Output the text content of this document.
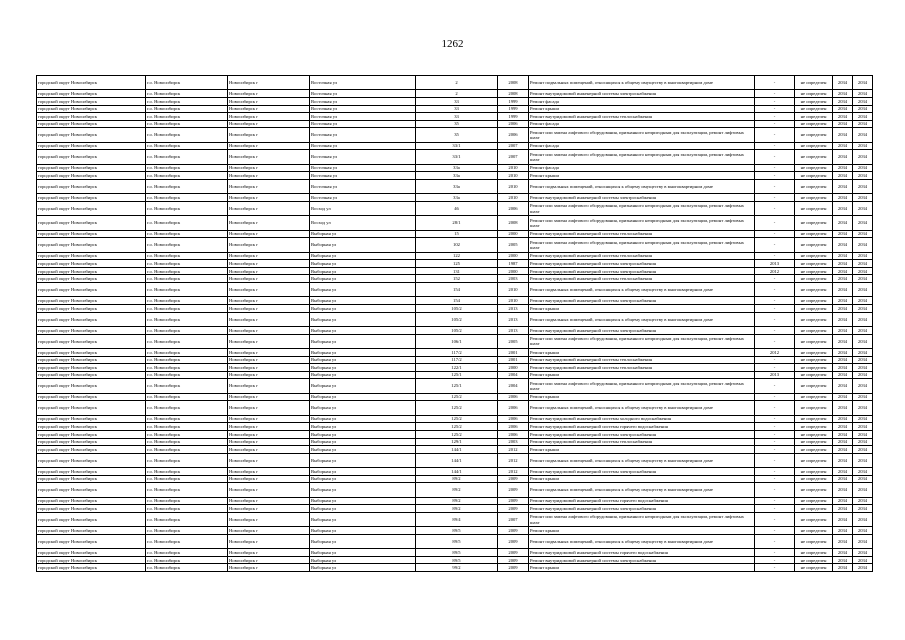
1262
городской округ Новосибирск	г.о. Новосибирск	Новосибирск г	Восточная ул	2	2008	Ремонт подвальных помещений, относящихся к общему имуществу в многоквартирном доме	-	не определен	2034	2034
городской округ Новосибирск	г.о. Новосибирск	Новосибирск г	Восточная ул	2	2008	Ремонт внутридомовой инженерной системы электроснабжения	-	не определен	2034	2034
городской округ Новосибирск	г.о. Новосибирск	Новосибирск г	Восточная ул	33	1999	Ремонт фасада	-	не определен	2034	2034
городской округ Новосибирск	г.о. Новосибирск	Новосибирск г	Восточная ул	33	1999	Ремонт крыши	-	не определен	2034	2034
городской округ Новосибирск	г.о. Новосибирск	Новосибирск г	Восточная ул	33	1999	Ремонт внутридомовой инженерной системы теплоснабжения	-	не определен	2034	2034
городской округ Новосибирск	г.о. Новосибирск	Новосибирск г	Восточная ул	35	2006	Ремонт фасада	-	не определен	2034	2034
городской округ Новосибирск	г.о. Новосибирск	Новосибирск г	Восточная ул	35	2006	Ремонт или замена лифтового оборудования, признанного непригодным для эксплуатации, ремонт лифтовых шахт	-	не определен	2034	2034
городской округ Новосибирск	г.о. Новосибирск	Новосибирск г	Восточная ул	33/1	2007	Ремонт фасада	-	не определен	2034	2034
городской округ Новосибирск	г.о. Новосибирск	Новосибирск г	Восточная ул	33/1	2007	Ремонт или замена лифтового оборудования, признанного непригодным для эксплуатации, ремонт лифтовых шахт	-	не определен	2034	2034
городской округ Новосибирск	г.о. Новосибирск	Новосибирск г	Восточная ул	33а	2010	Ремонт фасада	-	не определен	2034	2034
городской округ Новосибирск	г.о. Новосибирск	Новосибирск г	Восточная ул	33а	2010	Ремонт крыши	-	не определен	2034	2034
городской округ Новосибирск	г.о. Новосибирск	Новосибирск г	Восточная ул	33а	2010	Ремонт подвальных помещений, относящихся к общему имуществу в многоквартирном доме	-	не определен	2034	2034
городской округ Новосибирск	г.о. Новосибирск	Новосибирск г	Восточная ул	33а	2010	Ремонт внутридомовой инженерной системы электроснабжения	-	не определен	2034	2034
городской округ Новосибирск	г.о. Новосибирск	Новосибирск г	Восход ул	46	2006	Ремонт или замена лифтового оборудования, признанного непригодным для эксплуатации, ремонт лифтовых шахт	-	не определен	2034	2034
городской округ Новосибирск	г.о. Новосибирск	Новосибирск г	Восход ул	28/1	2008	Ремонт или замена лифтового оборудования, признанного непригодным для эксплуатации, ремонт лифтовых шахт	-	не определен	2034	2034
городской округ Новосибирск	г.о. Новосибирск	Новосибирск г	Выборная ул	15	2000	Ремонт внутридомовой инженерной системы теплоснабжения	-	не определен	2034	2034
городской округ Новосибирск	г.о. Новосибирск	Новосибирск г	Выборная ул	102	2005	Ремонт или замена лифтового оборудования, признанного непригодным для эксплуатации, ремонт лифтовых шахт	-	не определен	2034	2034
городской округ Новосибирск	г.о. Новосибирск	Новосибирск г	Выборная ул	122	2000	Ремонт внутридомовой инженерной системы теплоснабжения	-	не определен	2034	2034
городской округ Новосибирск	г.о. Новосибирск	Новосибирск г	Выборная ул	125	1987	Ремонт внутридомовой инженерной системы электроснабжения	2013	не определен	2034	2034
городской округ Новосибирск	г.о. Новосибирск	Новосибирск г	Выборная ул	131	2000	Ремонт внутридомовой инженерной системы электроснабжения	2012	не определен	2034	2034
городской округ Новосибирск	г.о. Новосибирск	Новосибирск г	Выборная ул	152	2003	Ремонт внутридомовой инженерной системы теплоснабжения	-	не определен	2034	2034
городской округ Новосибирск	г.о. Новосибирск	Новосибирск г	Выборная ул	154	2010	Ремонт подвальных помещений, относящихся к общему имуществу в многоквартирном доме	-	не определен	2034	2034
городской округ Новосибирск	г.о. Новосибирск	Новосибирск г	Выборная ул	154	2010	Ремонт внутридомовой инженерной системы электроснабжения	-	не определен	2034	2034
городской округ Новосибирск	г.о. Новосибирск	Новосибирск г	Выборная ул	105/2	2013	Ремонт крыши	-	не определен	2034	2034
городской округ Новосибирск	г.о. Новосибирск	Новосибирск г	Выборная ул	105/2	2013	Ремонт подвальных помещений, относящихся к общему имуществу в многоквартирном доме	-	не определен	2034	2034
городской округ Новосибирск	г.о. Новосибирск	Новосибирск г	Выборная ул	105/2	2013	Ремонт внутридомовой инженерной системы электроснабжения	-	не определен	2034	2034
городской округ Новосибирск	г.о. Новосибирск	Новосибирск г	Выборная ул	106/1	2005	Ремонт или замена лифтового оборудования, признанного непригодным для эксплуатации, ремонт лифтовых шахт	-	не определен	2034	2034
городской округ Новосибирск	г.о. Новосибирск	Новосибирск г	Выборная ул	117/2	2001	Ремонт крыши	2012	не определен	2034	2034
городской округ Новосибирск	г.о. Новосибирск	Новосибирск г	Выборная ул	117/2	2001	Ремонт внутридомовой инженерной системы теплоснабжения	-	не определен	2034	2034
городской округ Новосибирск	г.о. Новосибирск	Новосибирск г	Выборная ул	122/1	2000	Ремонт внутридомовой инженерной системы теплоснабжения	-	не определен	2034	2034
городской округ Новосибирск	г.о. Новосибирск	Новосибирск г	Выборная ул	125/1	2004	Ремонт крыши	2013	не определен	2034	2034
городской округ Новосибирск	г.о. Новосибирск	Новосибирск г	Выборная ул	125/1	2004	Ремонт или замена лифтового оборудования, признанного непригодным для эксплуатации, ремонт лифтовых шахт	-	не определен	2034	2034
городской округ Новосибирск	г.о. Новосибирск	Новосибирск г	Выборная ул	125/2	2006	Ремонт крыши	-	не определен	2034	2034
городской округ Новосибирск	г.о. Новосибирск	Новосибирск г	Выборная ул	125/2	2006	Ремонт подвальных помещений, относящихся к общему имуществу в многоквартирном доме	-	не определен	2034	2034
городской округ Новосибирск	г.о. Новосибирск	Новосибирск г	Выборная ул	125/2	2006	Ремонт внутридомовой инженерной системы холодного водоснабжения	-	не определен	2034	2034
городской округ Новосибирск	г.о. Новосибирск	Новосибирск г	Выборная ул	125/2	2006	Ремонт внутридомовой инженерной системы горячего водоснабжения	-	не определен	2034	2034
городской округ Новосибирск	г.о. Новосибирск	Новосибирск г	Выборная ул	125/2	2006	Ремонт внутридомовой инженерной системы электроснабжения	-	не определен	2034	2034
городской округ Новосибирск	г.о. Новосибирск	Новосибирск г	Выборная ул	129/1	2003	Ремонт внутридомовой инженерной системы теплоснабжения	-	не определен	2034	2034
городской округ Новосибирск	г.о. Новосибирск	Новосибирск г	Выборная ул	144/1	2012	Ремонт крыши	-	не определен	2034	2034
городской округ Новосибирск	г.о. Новосибирск	Новосибирск г	Выборная ул	144/1	2012	Ремонт подвальных помещений, относящихся к общему имуществу в многоквартирном доме	-	не определен	2034	2034
городской округ Новосибирск	г.о. Новосибирск	Новосибирск г	Выборная ул	144/1	2012	Ремонт внутридомовой инженерной системы электроснабжения	-	не определен	2034	2034
городской округ Новосибирск	г.о. Новосибирск	Новосибирск г	Выборная ул	89/2	2009	Ремонт крыши	-	не определен	2034	2034
городской округ Новосибирск	г.о. Новосибирск	Новосибирск г	Выборная ул	89/2	2009	Ремонт подвальных помещений, относящихся к общему имуществу в многоквартирном доме	-	не определен	2034	2034
городской округ Новосибирск	г.о. Новосибирск	Новосибирск г	Выборная ул	89/2	2009	Ремонт внутридомовой инженерной системы горячего водоснабжения	-	не определен	2034	2034
городской округ Новосибирск	г.о. Новосибирск	Новосибирск г	Выборная ул	89/2	2009	Ремонт внутридомовой инженерной системы электроснабжения	-	не определен	2034	2034
городской округ Новосибирск	г.о. Новосибирск	Новосибирск г	Выборная ул	89/4	2007	Ремонт или замена лифтового оборудования, признанного непригодным для эксплуатации, ремонт лифтовых шахт	-	не определен	2034	2034
городской округ Новосибирск	г.о. Новосибирск	Новосибирск г	Выборная ул	89/5	2009	Ремонт крыши	-	не определен	2034	2034
городской округ Новосибирск	г.о. Новосибирск	Новосибирск г	Выборная ул	89/5	2009	Ремонт подвальных помещений, относящихся к общему имуществу в многоквартирном доме	-	не определен	2034	2034
городской округ Новосибирск	г.о. Новосибирск	Новосибирск г	Выборная ул	89/5	2009	Ремонт внутридомовой инженерной системы горячего водоснабжения	-	не определен	2034	2034
городской округ Новосибирск	г.о. Новосибирск	Новосибирск г	Выборная ул	89/5	2009	Ремонт внутридомовой инженерной системы электроснабжения	-	не определен	2034	2034
городской округ Новосибирск	г.о. Новосибирск	Новосибирск г	Выборная ул	99/2	2009	Ремонт крыши	-	не определен	2034	2034
